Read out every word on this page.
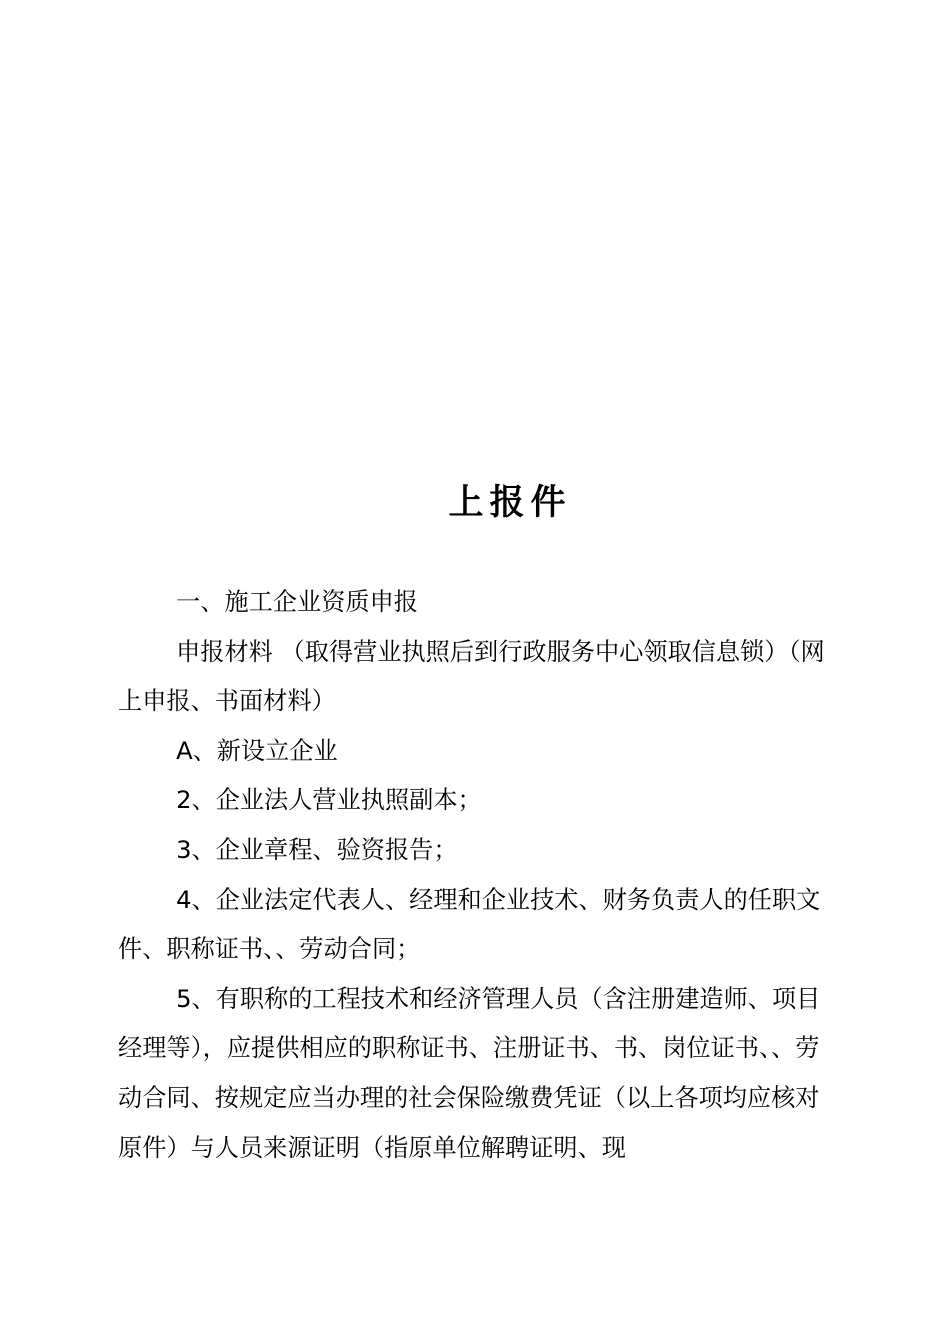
上报件

一、施工企业资质申报

申报材料 （取得营业执照后到行政服务中心领取信息锁）（网上申报、书面材料）

A、新设立企业

2、企业法人营业执照副本；

3、企业章程、验资报告；

4、企业法定代表人、经理和企业技术、财务负责人的任职文件、职称证书、、劳动合同；

5、有职称的工程技术和经济管理人员（含注册建造师、项目经理等），应提供相应的职称证书、注册证书、书、岗位证书、、劳动合同、按规定应当办理的社会保险缴费凭证（以上各项均应核对原件）与人员来源证明（指原单位解聘证明、现
